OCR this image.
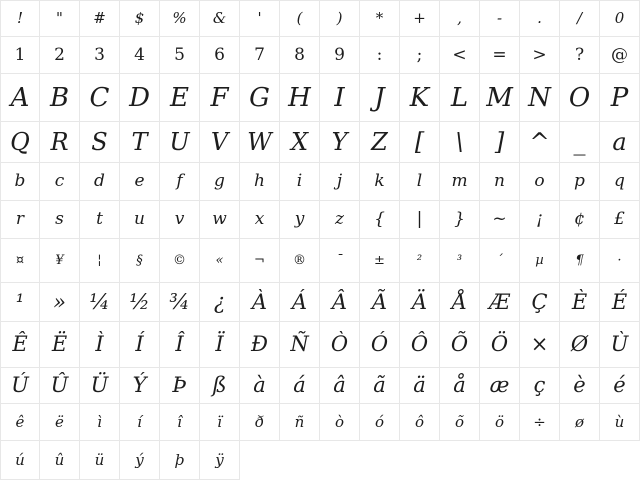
! " # $ % & ' ( ) * + , - . / 0
1 2 3 4 5 6 7 8 9 : ; < = > ? @
A B C D E F G H I J K L M N O P
Q R S T U V W X Y Z [ \ ] ^ _ a
b c d e f g h i j k l m n o p q
r s t u v w x y z { | } ~ ¡ ¢ £
¤ ¥	¦	§ © « ¬ ® ¯ ± ²	³	´	µ ¶	·
¹ » ¼ ½ ¾ ¿ À Á Â Ã Ä Å Æ Ç È É
Ê Ë Ì Í Î Ï Ð Ñ Ò Ó Ô Õ Ö × Ø Ù
Ú Û Ü Ý Þ ß à á â ã ä å æ ç è é
ê ë ì í î ï ð ñ ò ó ô õ ö ÷ ø ù
ú û ü ý þ ÿ
